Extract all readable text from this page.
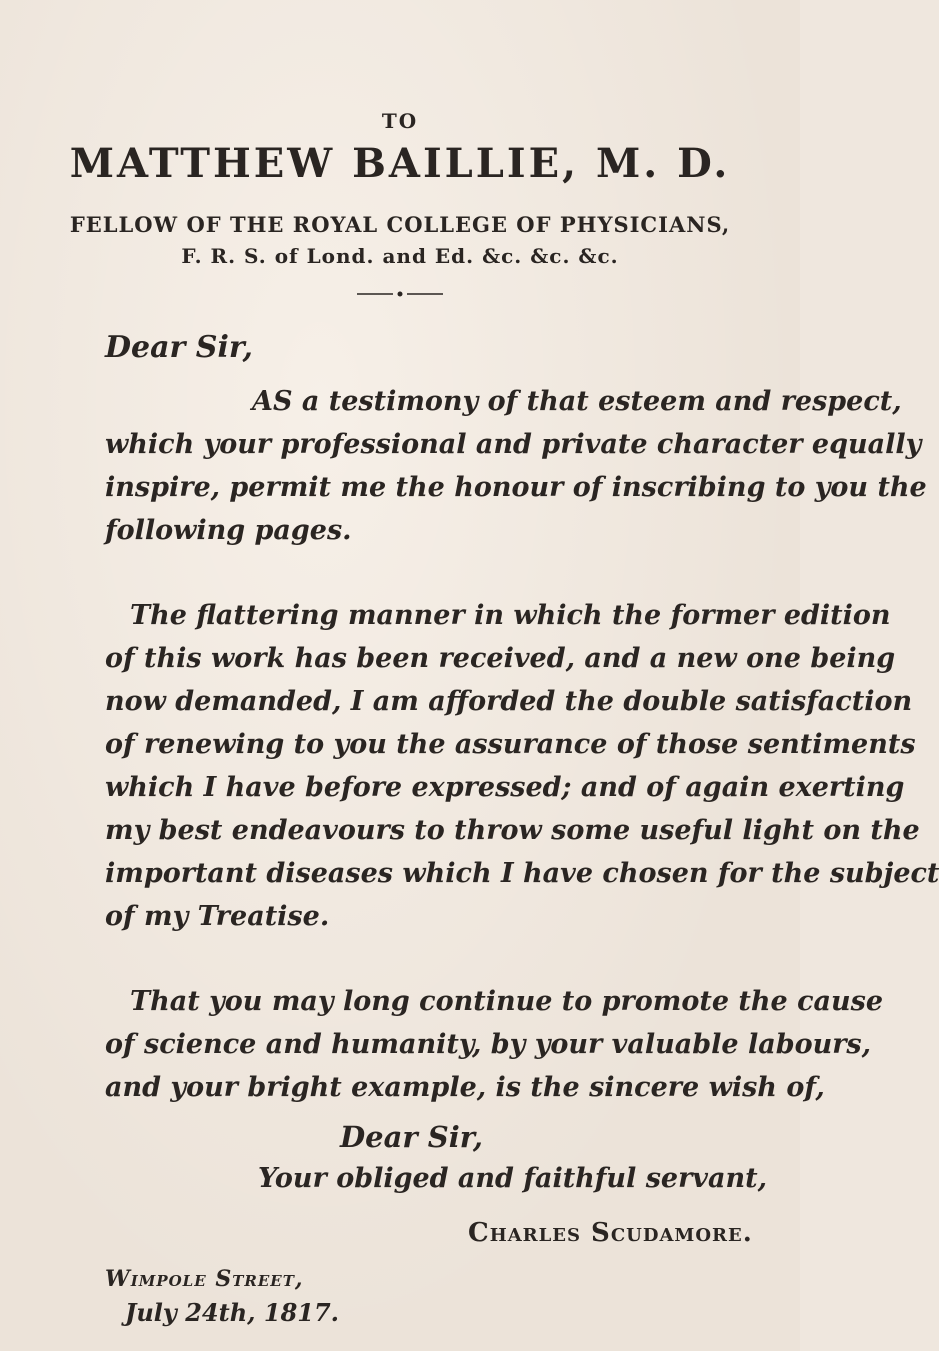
TO
MATTHEW BAILLIE, M. D.
FELLOW OF THE ROYAL COLLEGE OF PHYSICIANS,
F. R. S. of Lond. and Ed. &c. &c. &c.
Dear Sir,
AS a testimony of that esteem and respect,
which your professional and private character equally
inspire, permit me the honour of inscribing to you the
following pages.
The flattering manner in which the former edition
of this work has been received, and a new one being
now demanded, I am afforded the double satisfaction
of renewing to you the assurance of those sentiments
which I have before expressed; and of again exerting
my best endeavours to throw some useful light on the
important diseases which I have chosen for the subject
of my Treatise.
That you may long continue to promote the cause
of science and humanity, by your valuable labours,
and your bright example, is the sincere wish of,
Dear Sir,
Your obliged and faithful servant,
Charles Scudamore.
Wimpole Street,
July 24th, 1817.
